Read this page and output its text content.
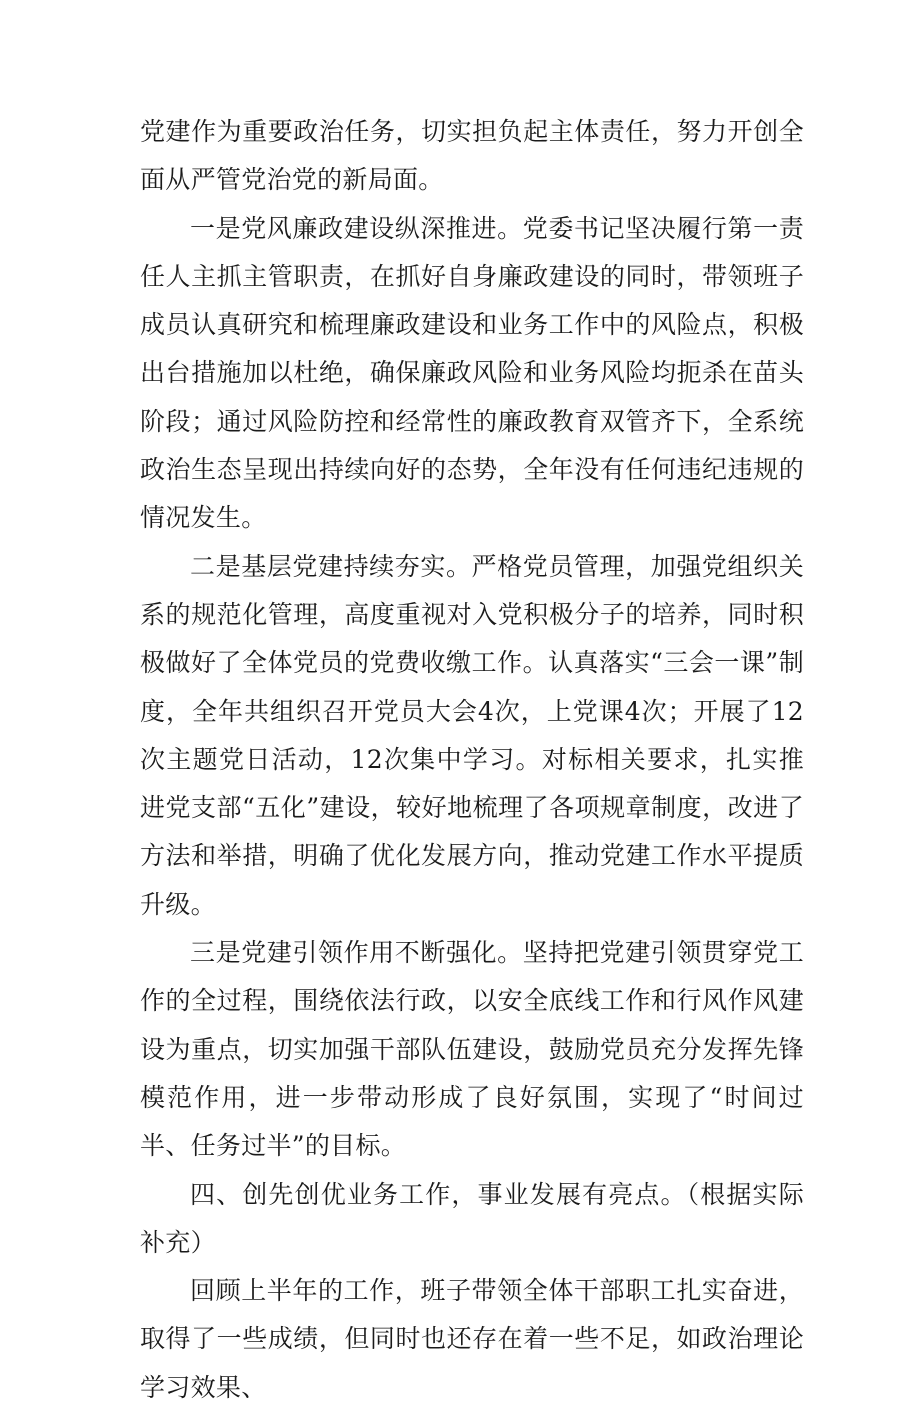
党建作为重要政治任务，切实担负起主体责任，努力开创全面从严管党治党的新局面。

一是党风廉政建设纵深推进。党委书记坚决履行第一责任人主抓主管职责，在抓好自身廉政建设的同时，带领班子成员认真研究和梳理廉政建设和业务工作中的风险点，积极出台措施加以杜绝，确保廉政风险和业务风险均扼杀在苗头阶段；通过风险防控和经常性的廉政教育双管齐下，全系统政治生态呈现出持续向好的态势，全年没有任何违纪违规的情况发生。

二是基层党建持续夯实。严格党员管理，加强党组织关系的规范化管理，高度重视对入党积极分子的培养，同时积极做好了全体党员的党费收缴工作。认真落实“三会一课”制度，全年共组织召开党员大会4次，上党课4次；开展了12次主题党日活动，12次集中学习。对标相关要求，扎实推进党支部“五化”建设，较好地梳理了各项规章制度，改进了方法和举措，明确了优化发展方向，推动党建工作水平提质升级。

三是党建引领作用不断强化。坚持把党建引领贯穿党工作的全过程，围绕依法行政，以安全底线工作和行风作风建设为重点，切实加强干部队伍建设，鼓励党员充分发挥先锋模范作用，进一步带动形成了良好氛围，实现了“时间过半、任务过半”的目标。

四、创先创优业务工作，事业发展有亮点。（根据实际补充）

回顾上半年的工作，班子带领全体干部职工扎实奋进，取得了一些成绩，但同时也还存在着一些不足，如政治理论学习效果、
